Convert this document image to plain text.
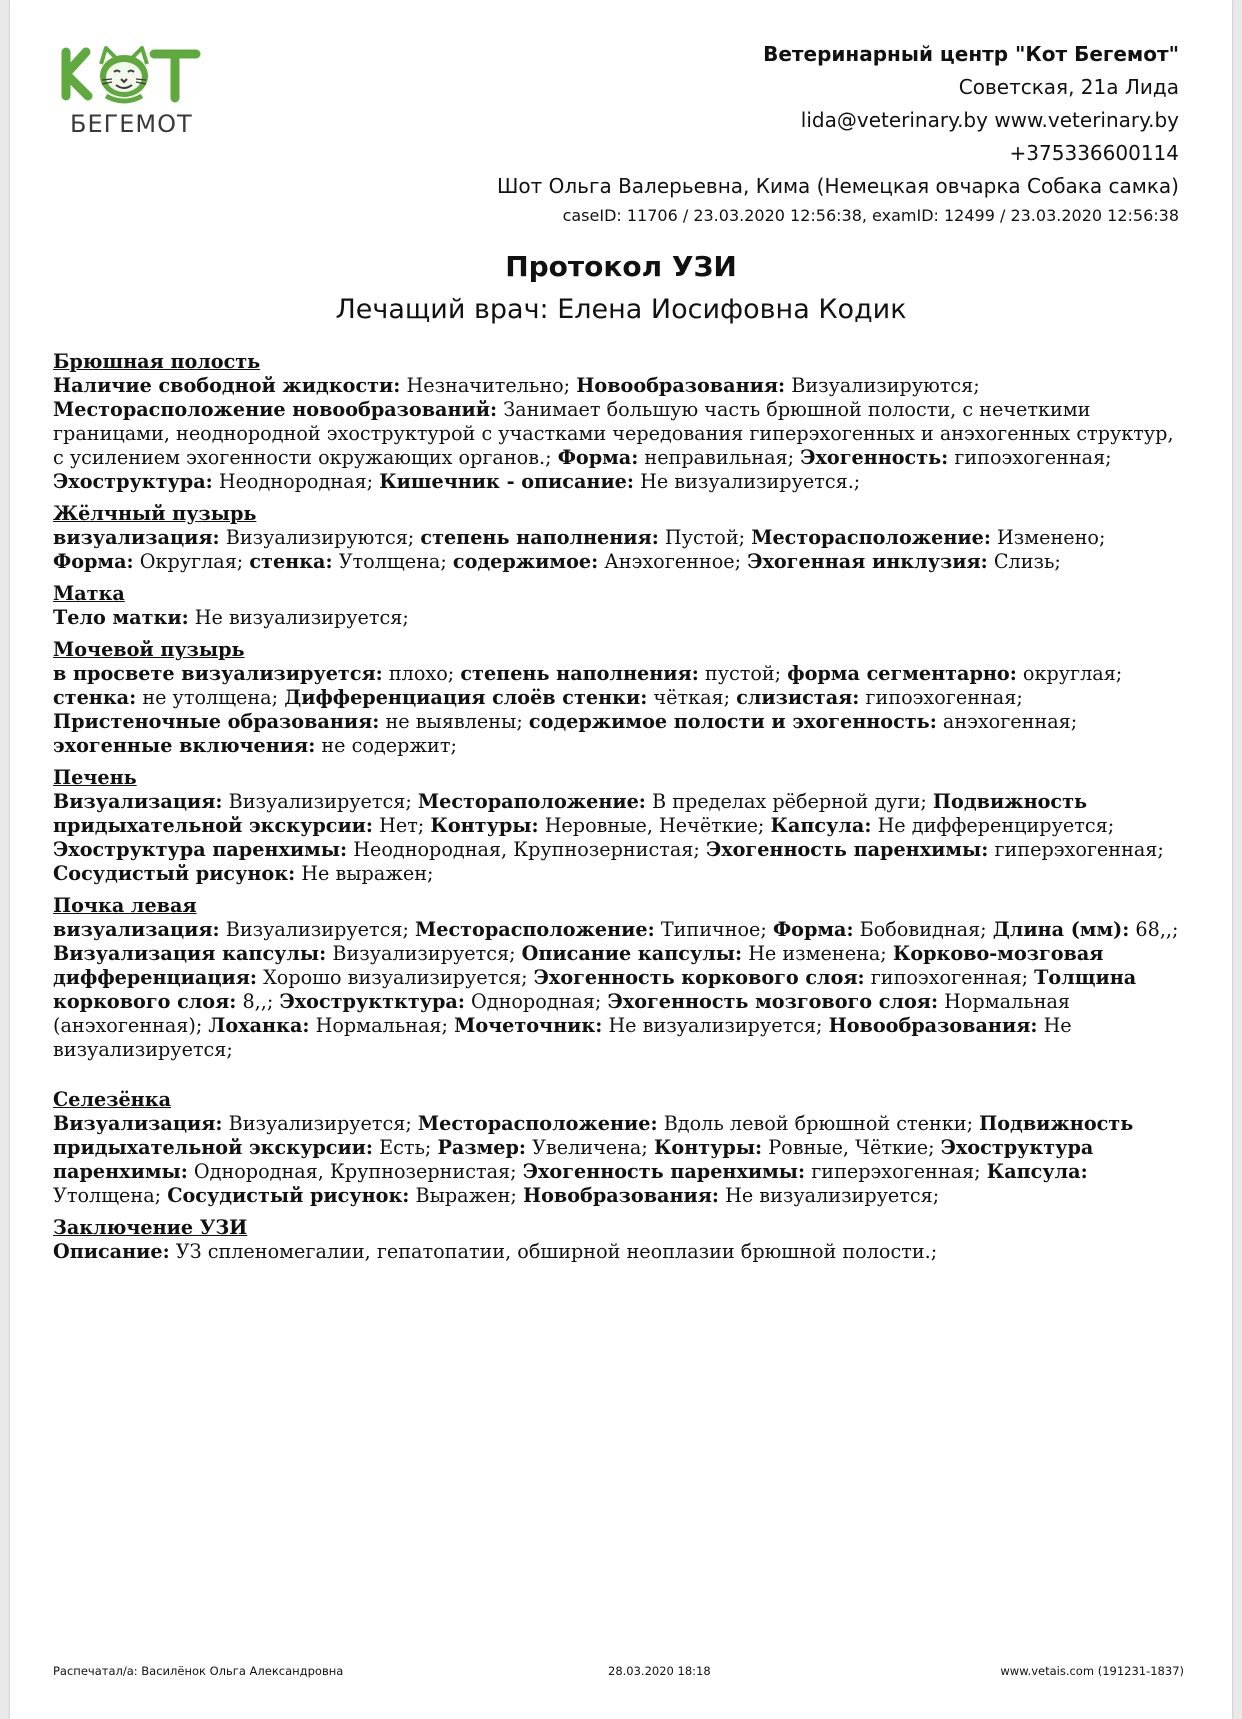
БЕГЕМОТ
Ветеринарный центр "Кот Бегемот"
Советская, 21а Лида
lida@veterinary.by www.veterinary.by
+375336600114
Шот Ольга Валерьевна, Кима (Немецкая овчарка Собака самка)
caseID: 11706 / 23.03.2020 12:56:38, examID: 12499 / 23.03.2020 12:56:38
Протокол УЗИ
Лечащий врач: Елена Иосифовна Кодик
Брюшная полость
Наличие свободной жидкости: Незначительно; Новообразования: Визуализируются; Месторасположение новообразований: Занимает большую часть брюшной полости, с нечеткими границами, неоднородной эхоструктурой с участками чередования гиперэхогенных и анэхогенных структур, с усилением эхогенности окружающих органов.; Форма: неправильная; Эхогенность: гипоэхогенная; Эхоструктура: Неоднородная; Кишечник - описание: Не визуализируется.;
Жёлчный пузырь
визуализация: Визуализируются; степень наполнения: Пустой; Месторасположение: Изменено; Форма: Округлая; стенка: Утолщена; содержимое: Анэхогенное; Эхогенная инклузия: Слизь;
Матка
Тело матки: Не визуализируется;
Мочевой пузырь
в просвете визуализируется: плохо; степень наполнения: пустой; форма сегментарно: округлая; стенка: не утолщена; Дифференциация слоёв стенки: чёткая; слизистая: гипоэхогенная; Пристеночные образования: не выявлены; содержимое полости и эхогенность: анэхогенная; эхогенные включения: не содержит;
Печень
Визуализация: Визуализируется; Местораположение: В пределах рёберной дуги; Подвижность придыхательной экскурсии: Нет; Контуры: Неровные, Нечёткие; Капсула: Не дифференцируется; Эхоструктура паренхимы: Неоднородная, Крупнозернистая; Эхогенность паренхимы: гиперэхогенная; Сосудистый рисунок: Не выражен;
Почка левая
визуализация: Визуализируется; Месторасположение: Типичное; Форма: Бобовидная; Длина (мм): 68,,; Визуализация капсулы: Визуализируется; Описание капсулы: Не изменена; Корково-мозговая дифференциация: Хорошо визуализируется; Эхогенность коркового слоя: гипоэхогенная; Толщина коркового слоя: 8,,; Эхоструктктура: Однородная; Эхогенность мозгового слоя: Нормальная (анэхогенная); Лоханка: Нормальная; Мочеточник: Не визуализируется; Новообразования: Не визуализируется;
Селезёнка
Визуализация: Визуализируется; Месторасположение: Вдоль левой брюшной стенки; Подвижность придыхательной экскурсии: Есть; Размер: Увеличена; Контуры: Ровные, Чёткие; Эхоструктура паренхимы: Однородная, Крупнозернистая; Эхогенность паренхимы: гиперэхогенная; Капсула: Утолщена; Сосудистый рисунок: Выражен; Новобразования: Не визуализируется;
Заключение УЗИ
Описание: УЗ спленомегалии, гепатопатии, обширной неоплазии брюшной полости.;
Распечатал/а: Василёнок Ольга Александровна	28.03.2020 18:18	www.vetais.com (191231-1837)
